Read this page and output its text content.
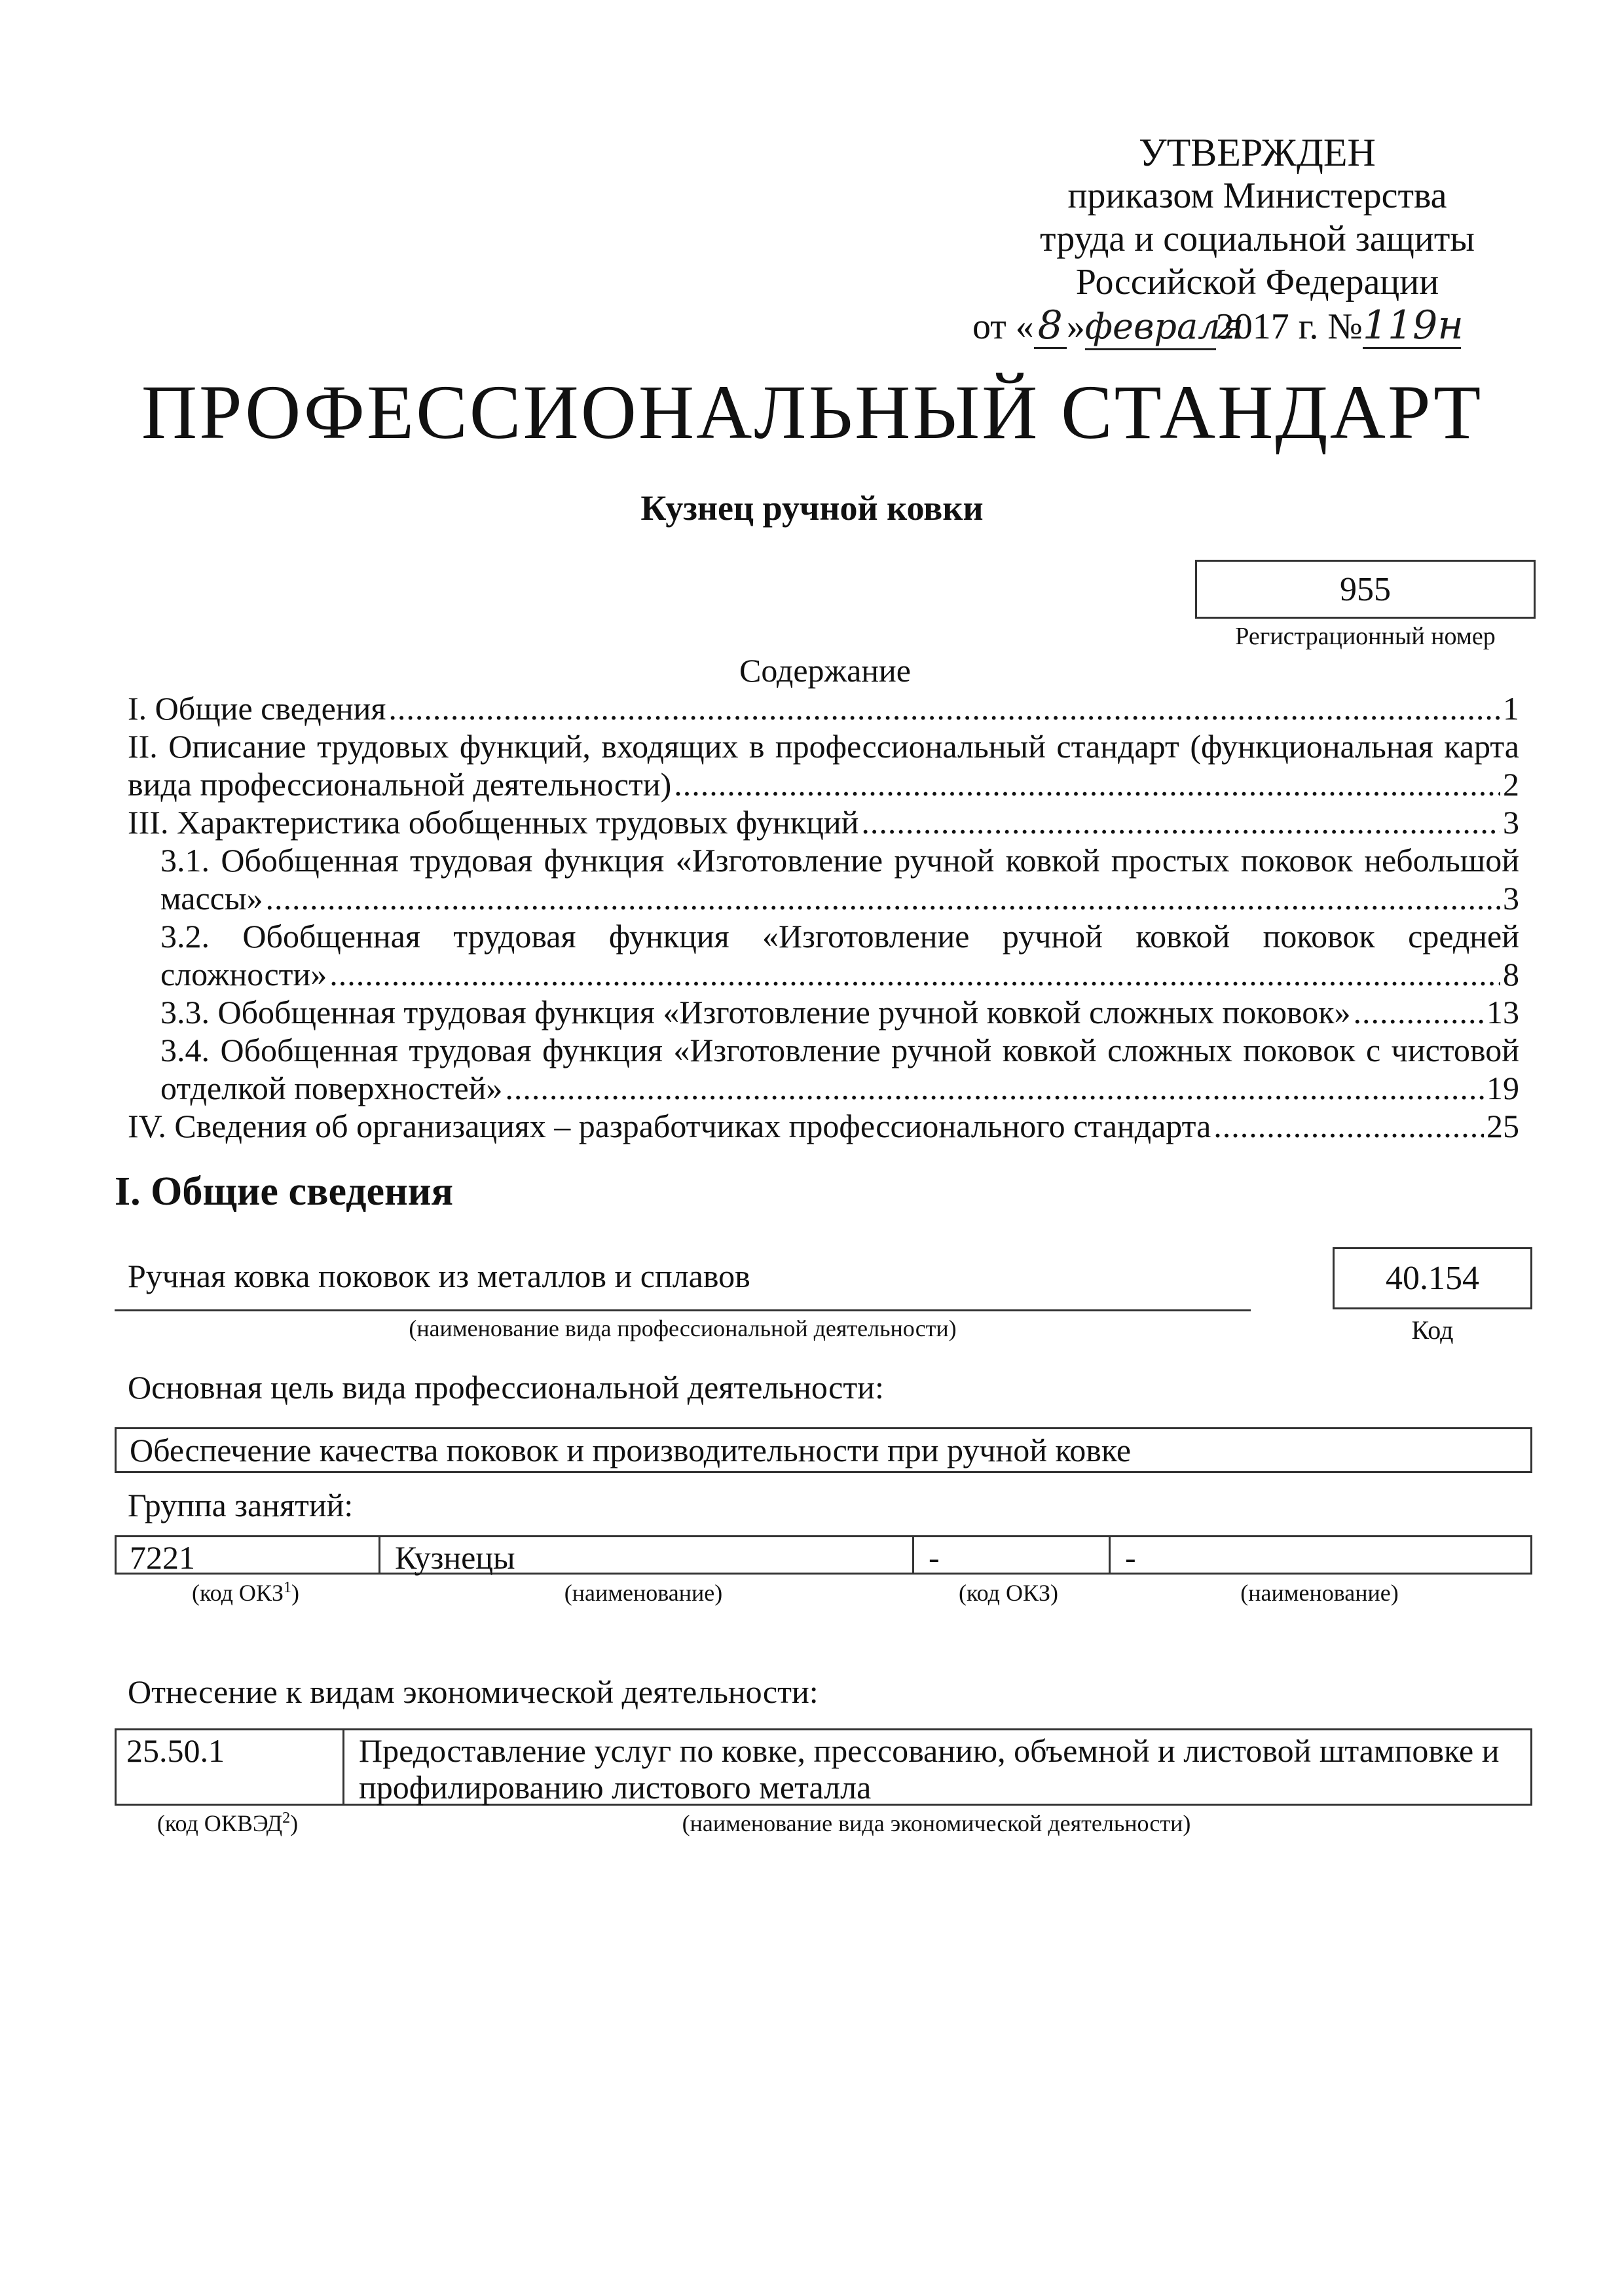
УТВЕРЖДЕН
приказом Министерства
труда и социальной защиты
Российской Федерации
от «8 »февраля2017 г. №119н
ПРОФЕССИОНАЛЬНЫЙ СТАНДАРТ
Кузнец ручной ковки
955
Регистрационный номер
Содержание
I. Общие сведения .....	1
II. Описание трудовых функций, входящих в профессиональный стандарт (функциональная карта
вида профессиональной деятельности) .....	2
III. Характеристика обобщенных трудовых функций .....	3
3.1. Обобщенная трудовая функция «Изготовление ручной ковкой простых поковок небольшой
массы» .....	3
3.2. Обобщенная трудовая функция «Изготовление ручной ковкой поковок средней
сложности» .....	8
3.3. Обобщенная трудовая функция «Изготовление ручной ковкой сложных поковок» .....	13
3.4. Обобщенная трудовая функция «Изготовление ручной ковкой сложных поковок с чистовой
отделкой поверхностей» .....	19
IV. Сведения об организациях – разработчиках профессионального стандарта .....	25
I. Общие сведения
Ручная ковка поковок из металлов и сплавов
(наименование вида профессиональной деятельности)
40.154
Код
Основная цель вида профессиональной деятельности:
Обеспечение качества поковок и производительности при ручной ковке
Группа занятий:
7221	Кузнецы	-	-
(код ОКЗ$^1$)	(наименование)	(код ОКЗ)	(наименование)
Отнесение к видам экономической деятельности:
25.50.1	Предоставление услуг по ковке, прессованию, объемной и листовой штамповке и
профилированию листового металла
(код ОКВЭД$^2$)	(наименование вида экономической деятельности)
